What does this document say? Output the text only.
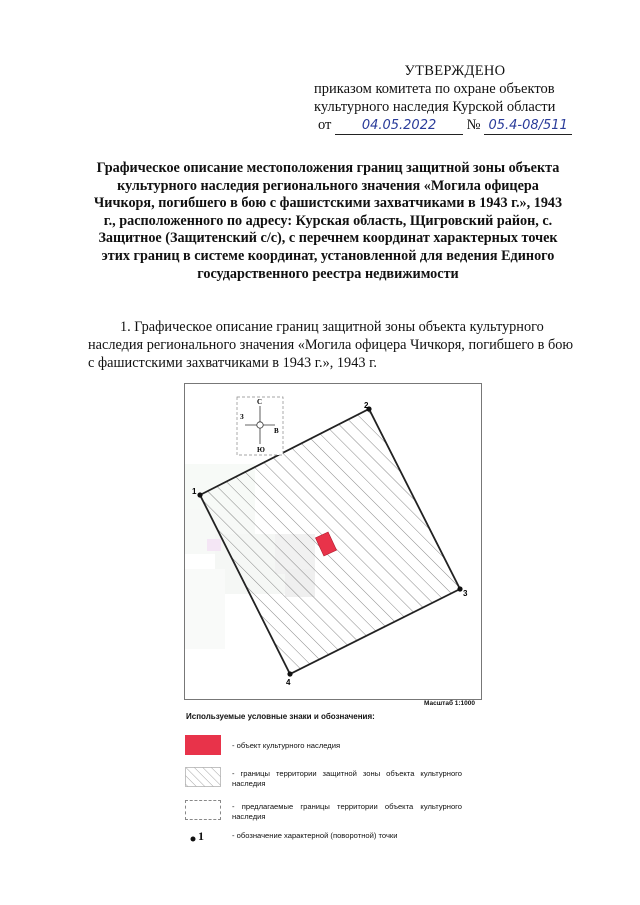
УТВЕРЖДЕНО
приказом комитета по охране объектов
культурного наследия Курской области
от 04.05.2022 № 05.4-08/511
Графическое описание местоположения границ защитной зоны объекта культурного наследия регионального значения «Могила офицера Чичкоря, погибшего в бою с фашистскими захватчиками в 1943 г.», 1943 г., расположенного по адресу: Курская область, Щигровский район, с. Защитное (Защитенский с/с), с перечнем координат характерных точек этих границ в системе координат, установленной для ведения Единого государственного реестра недвижимости
1. Графическое описание границ защитной зоны объекта культурного наследия регионального значения «Могила офицера Чичкоря, погибшего в бою с фашистскими захватчиками в 1943 г.», 1943 г.
1
2
3
4
С
Ю
З
В
Масштаб 1:1000
Используемые условные знаки и обозначения:
- объект культурного наследия
- границы территории защитной зоны объекта культурного наследия
- предлагаемые границы территории объекта культурного наследия
1	- обозначение характерной (поворотной) точки
